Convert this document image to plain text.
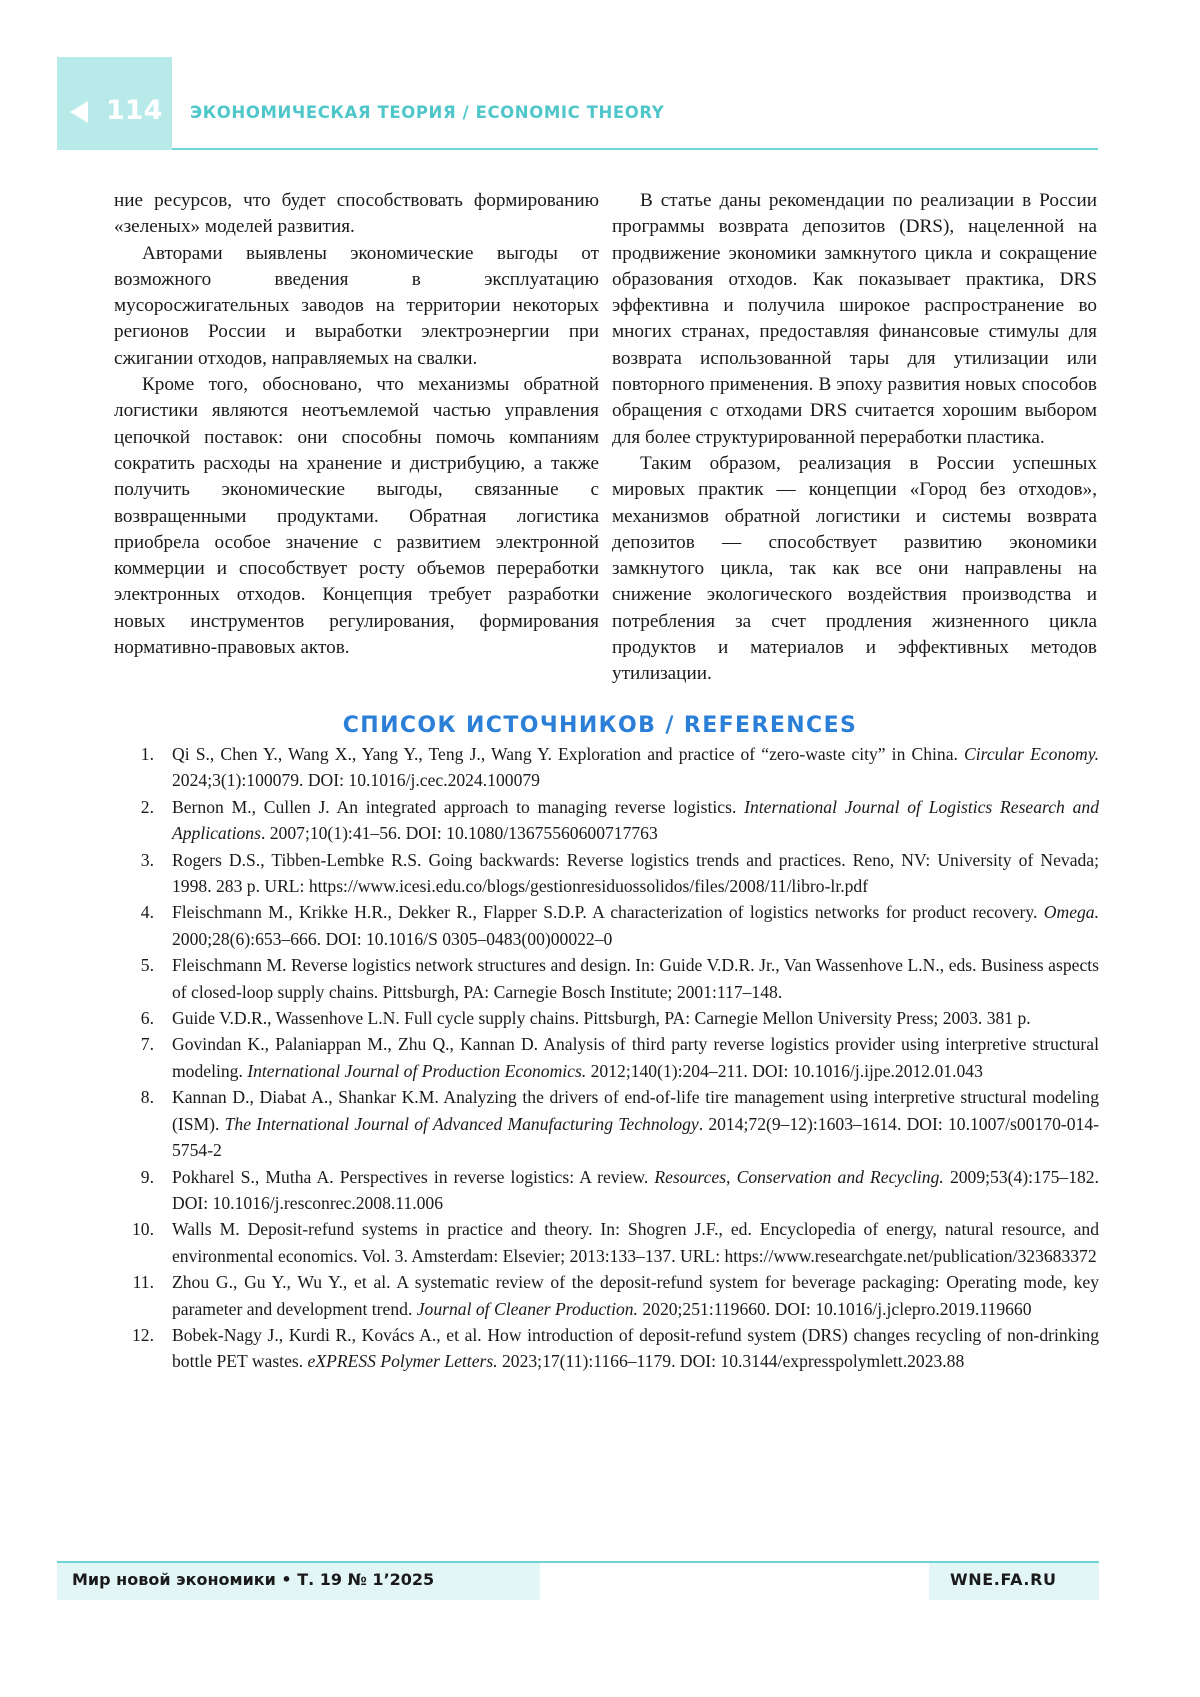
114 ЭКОНОМИЧЕСКАЯ ТЕОРИЯ / ECONOMIC THEORY

ние ресурсов, что будет способствовать формированию «зеленых» моделей развития.

Авторами выявлены экономические выгоды от возможного введения в эксплуатацию мусоросжигательных заводов на территории некоторых регионов России и выработки электроэнергии при сжигании отходов, направляемых на свалки.

Кроме того, обосновано, что механизмы обратной логистики являются неотъемлемой частью управления цепочкой поставок: они способны помочь компаниям сократить расходы на хранение и дистрибуцию, а также получить экономические выгоды, связанные с возвращенными продуктами. Обратная логистика приобрела особое значение с развитием электронной коммерции и способствует росту объемов переработки электронных отходов. Концепция требует разработки новых инструментов регулирования, формирования нормативно-правовых актов.

В статье даны рекомендации по реализации в России программы возврата депозитов (DRS), нацеленной на продвижение экономики замкнутого цикла и сокращение образования отходов. Как показывает практика, DRS эффективна и получила широкое распространение во многих странах, предоставляя финансовые стимулы для возврата использованной тары для утилизации или повторного применения. В эпоху развития новых способов обращения с отходами DRS считается хорошим выбором для более структурированной переработки пластика.

Таким образом, реализация в России успешных мировых практик — концепции «Город без отходов», механизмов обратной логистики и системы возврата депозитов — способствует развитию экономики замкнутого цикла, так как все они направлены на снижение экологического воздействия производства и потребления за счет продления жизненного цикла продуктов и материалов и эффективных методов утилизации.

СПИСОК ИСТОЧНИКОВ / REFERENCES
1. Qi S., Chen Y., Wang X., Yang Y., Teng J., Wang Y. Exploration and practice of “zero-waste city” in China. Circular Economy. 2024;3(1):100079. DOI: 10.1016/j.cec.2024.100079
2. Bernon M., Cullen J. An integrated approach to managing reverse logistics. International Journal of Logistics Research and Applications. 2007;10(1):41–56. DOI: 10.1080/13675560600717763
3. Rogers D.S., Tibben-Lembke R.S. Going backwards: Reverse logistics trends and practices. Reno, NV: University of Nevada; 1998. 283 p. URL: https://www.icesi.edu.co/blogs/gestionresiduossolidos/files/2008/11/libro-lr.pdf
4. Fleischmann M., Krikke H.R., Dekker R., Flapper S.D.P. A characterization of logistics networks for product recovery. Omega. 2000;28(6):653–666. DOI: 10.1016/S 0305–0483(00)00022–0
5. Fleischmann M. Reverse logistics network structures and design. In: Guide V.D.R. Jr., Van Wassenhove L.N., eds. Business aspects of closed-loop supply chains. Pittsburgh, PA: Carnegie Bosch Institute; 2001:117–148.
6. Guide V.D.R., Wassenhove L.N. Full cycle supply chains. Pittsburgh, PA: Carnegie Mellon University Press; 2003. 381 p.
7. Govindan K., Palaniappan M., Zhu Q., Kannan D. Analysis of third party reverse logistics provider using interpretive structural modeling. International Journal of Production Economics. 2012;140(1):204–211. DOI: 10.1016/j.ijpe.2012.01.043
8. Kannan D., Diabat A., Shankar K.M. Analyzing the drivers of end-of-life tire management using interpretive structural modeling (ISM). The International Journal of Advanced Manufacturing Technology. 2014;72(9–12):1603–1614. DOI: 10.1007/s00170-014-5754-2
9. Pokharel S., Mutha A. Perspectives in reverse logistics: A review. Resources, Conservation and Recycling. 2009;53(4):175–182. DOI: 10.1016/j.resconrec.2008.11.006
10. Walls M. Deposit-refund systems in practice and theory. In: Shogren J.F., ed. Encyclopedia of energy, natural resource, and environmental economics. Vol. 3. Amsterdam: Elsevier; 2013:133–137. URL: https://www.researchgate.net/publication/323683372
11. Zhou G., Gu Y., Wu Y., et al. A systematic review of the deposit-refund system for beverage packaging: Operating mode, key parameter and development trend. Journal of Cleaner Production. 2020;251:119660. DOI: 10.1016/j.jclepro.2019.119660
12. Bobek-Nagy J., Kurdi R., Kovács A., et al. How introduction of deposit-refund system (DRS) changes recycling of non-drinking bottle PET wastes. eXPRESS Polymer Letters. 2023;17(11):1166–1179. DOI: 10.3144/expresspolymlett.2023.88
Мир новой экономики • Т. 19 № 1’2025	WNE.FA.RU
